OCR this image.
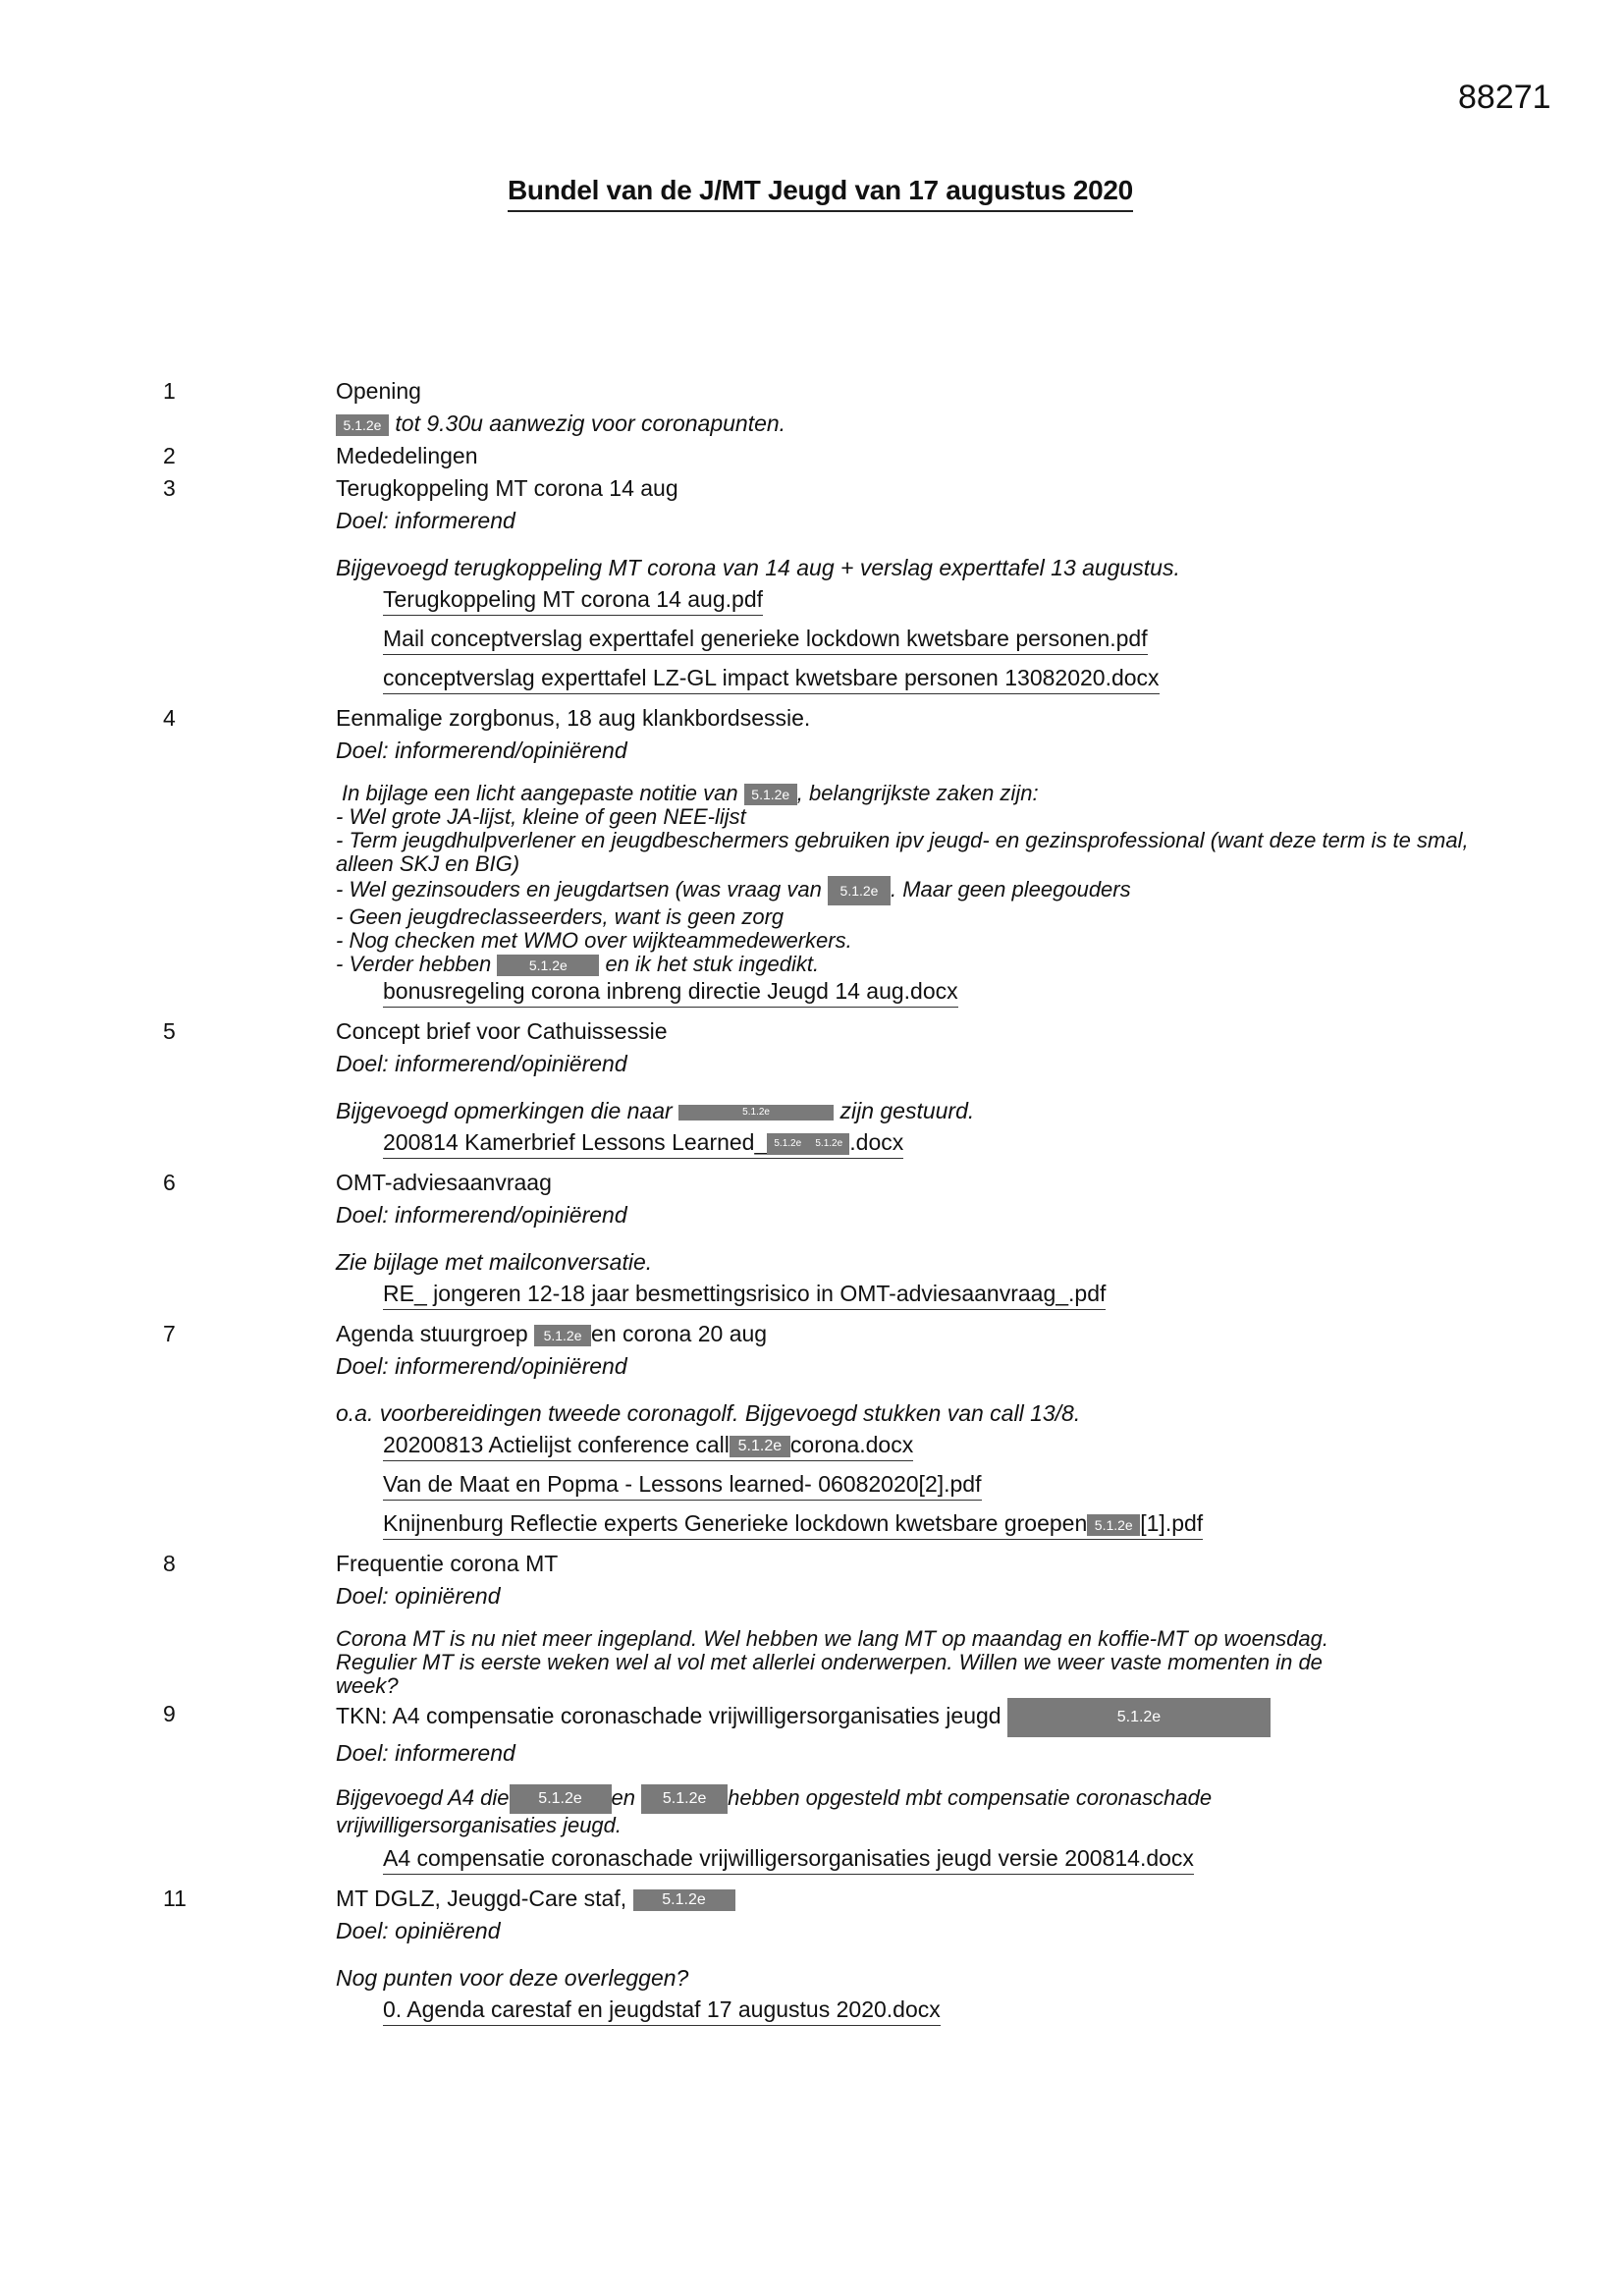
88271
Bundel van de J/MT Jeugd van 17 augustus 2020
1	Opening
5.1.2e tot 9.30u aanwezig voor coronapunten.
2	Mededelingen
3	Terugkoppeling MT corona 14 aug
Doel: informerend
Bijgevoegd terugkoppeling MT corona van 14 aug + verslag experttafel 13 augustus.
Terugkoppeling MT corona 14 aug.pdf
Mail conceptverslag experttafel generieke lockdown kwetsbare personen.pdf
conceptverslag experttafel LZ-GL impact kwetsbare personen 13082020.docx
4	Eenmalige zorgbonus, 18 aug klankbordsessie.
Doel: informerend/opiniërend
In bijlage een licht aangepaste notitie van 5.1.2e , belangrijkste zaken zijn:
- Wel grote JA-lijst, kleine of geen NEE-lijst
- Term jeugdhulpverlener en jeugdbeschermers gebruiken ipv jeugd- en gezinsprofessional (want deze term is te smal, alleen SKJ en BIG)
- Wel gezinsouders en jeugdartsen (was vraag van 5.1.2e . Maar geen pleegouders
- Geen jeugdreclasseerders, want is geen zorg
- Nog checken met WMO over wijkteammedewerkers.
- Verder hebben	5.1.2e en ik het stuk ingedikt.
bonusregeling corona inbreng directie Jeugd 14 aug.docx
5	Concept brief voor Cathuissessie
Doel: informerend/opiniërend
Bijgevoegd opmerkingen die naar	5.1.2e	zijn gestuurd.
200814 Kamerbrief Lessons Learned_ 5.1.2e 5.1.2e .docx
6	OMT-adviesaanvraag
Doel: informerend/opiniërend
Zie bijlage met mailconversatie.
RE_ jongeren 12-18 jaar besmettingsrisico in OMT-adviesaanvraag_.pdf
7	Agenda stuurgroep 5.1.2e en corona 20 aug
Doel: informerend/opiniërend
o.a. voorbereidingen tweede coronagolf. Bijgevoegd stukken van call 13/8.
20200813 Actielijst conference call 5.1.2e corona.docx
Van de Maat en Popma - Lessons learned- 06082020[2].pdf
Knijnenburg Reflectie experts Generieke lockdown kwetsbare groepen 5.1.2e [1].pdf
8	Frequentie corona MT
Doel: opiniërend
Corona MT is nu niet meer ingepland. Wel hebben we lang MT op maandag en koffie-MT op woensdag.
Regulier MT is eerste weken wel al vol met allerlei onderwerpen. Willen we weer vaste momenten in de
week?
9	TKN: A4 compensatie coronaschade vrijwilligersorganisaties jeugd	5.1.2e
Doel: informerend
Bijgevoegd A4 die 5.1.2e en 5.1.2e hebben opgesteld mbt compensatie coronaschade
vrijwilligersorganisaties jeugd.
A4 compensatie coronaschade vrijwilligersorganisaties jeugd versie 200814.docx
11	MT DGLZ, Jeuggd-Care staf, 5.1.2e
Doel: opiniërend
Nog punten voor deze overleggen?
0. Agenda carestaf en jeugdstaf 17 augustus 2020.docx
